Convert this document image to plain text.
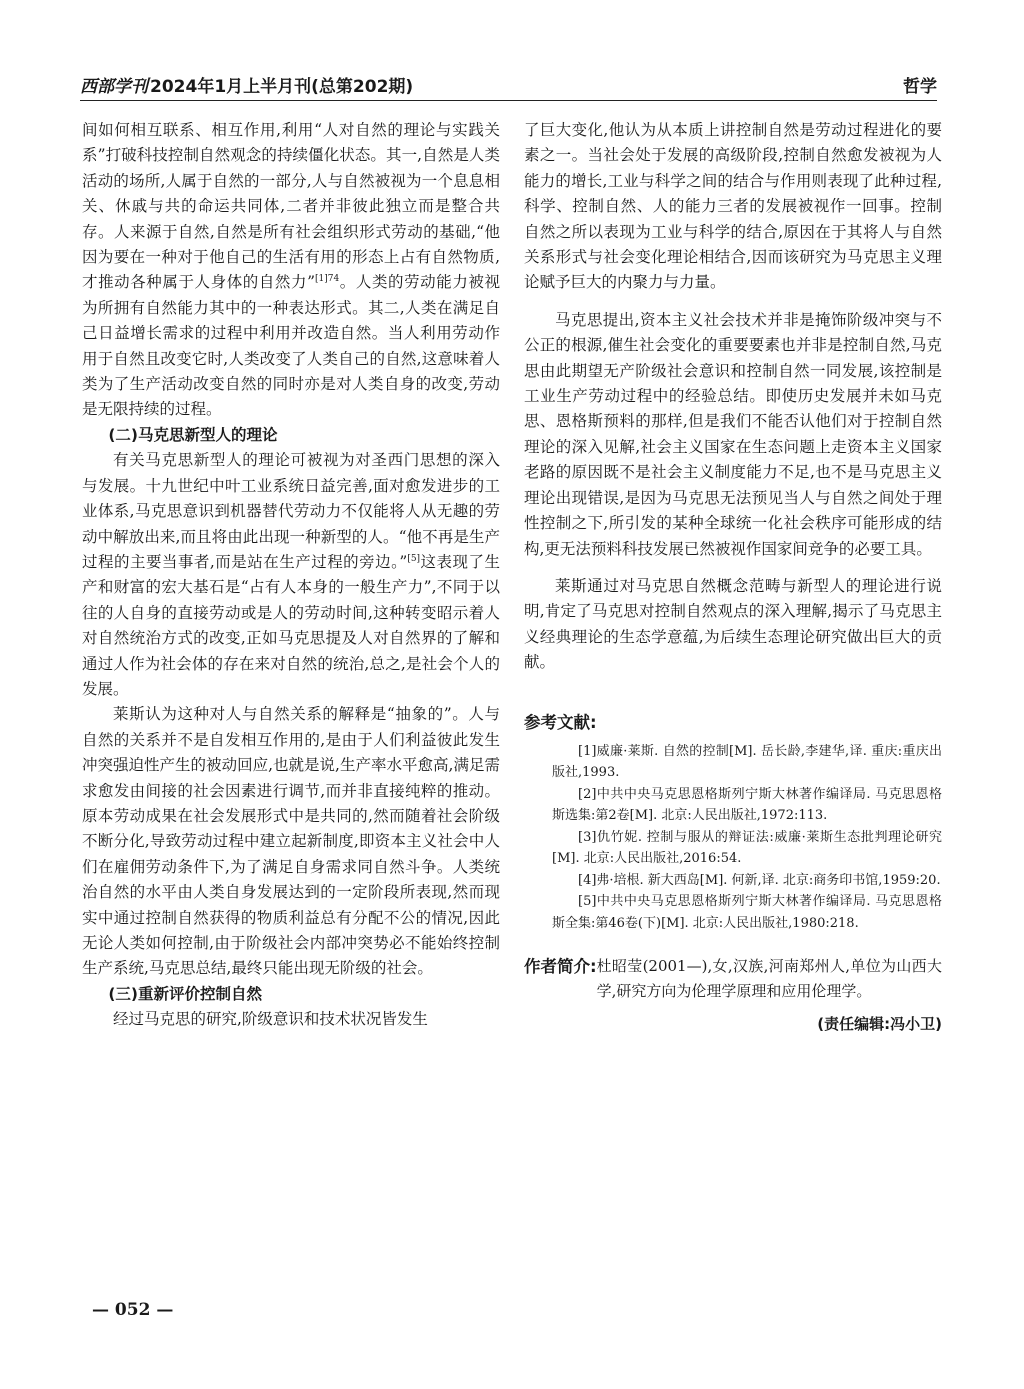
西部学刊 2024年1月上半月刊(总第202期)	哲学

间如何相互联系、相互作用,利用“人对自然的理论与实践关系”打破科技控制自然观念的持续僵化状态。其一,自然是人类活动的场所,人属于自然的一部分,人与自然被视为一个息息相关、休戚与共的命运共同体,二者并非彼此独立而是整合共存。人来源于自然,自然是所有社会组织形式劳动的基础,“他因为要在一种对于他自己的生活有用的形态上占有自然物质,才推动各种属于人身体的自然力”$^{[1]74}$。人类的劳动能力被视为所拥有自然能力其中的一种表达形式。其二,人类在满足自己日益增长需求的过程中利用并改造自然。当人利用劳动作用于自然且改变它时,人类改变了人类自己的自然,这意味着人类为了生产活动改变自然的同时亦是对人类自身的改变,劳动是无限持续的过程。

(二)马克思新型人的理论

有关马克思新型人的理论可被视为对圣西门思想的深入与发展。十九世纪中叶工业系统日益完善,面对愈发进步的工业体系,马克思意识到机器替代劳动力不仅能将人从无趣的劳动中解放出来,而且将由此出现一种新型的人。“他不再是生产过程的主要当事者,而是站在生产过程的旁边。”[5]这表现了生产和财富的宏大基石是“占有人本身的一般生产力”,不同于以往的人自身的直接劳动或是人的劳动时间,这种转变昭示着人对自然统治方式的改变,正如马克思提及人对自然界的了解和通过人作为社会体的存在来对自然的统治,总之,是社会个人的发展。

莱斯认为这种对人与自然关系的解释是“抽象的”。人与自然的关系并不是自发相互作用的,是由于人们利益彼此发生冲突强迫性产生的被动回应,也就是说,生产率水平愈高,满足需求愈发由间接的社会因素进行调节,而并非直接纯粹的推动。原本劳动成果在社会发展形式中是共同的,然而随着社会阶级不断分化,导致劳动过程中建立起新制度,即资本主义社会中人们在雇佣劳动条件下,为了满足自身需求同自然斗争。人类统治自然的水平由人类自身发展达到的一定阶段所表现,然而现实中通过控制自然获得的物质利益总有分配不公的情况,因此无论人类如何控制,由于阶级社会内部冲突势必不能始终控制生产系统,马克思总结,最终只能出现无阶级的社会。

(三)重新评价控制自然

经过马克思的研究,阶级意识和技术状况皆发生

了巨大变化,他认为从本质上讲控制自然是劳动过程进化的要素之一。当社会处于发展的高级阶段,控制自然愈发被视为人能力的增长,工业与科学之间的结合与作用则表现了此种过程,科学、控制自然、人的能力三者的发展被视作一回事。控制自然之所以表现为工业与科学的结合,原因在于其将人与自然关系形式与社会变化理论相结合,因而该研究为马克思主义理论赋予巨大的内聚力与力量。

马克思提出,资本主义社会技术并非是掩饰阶级冲突与不公正的根源,催生社会变化的重要要素也并非是控制自然,马克思由此期望无产阶级社会意识和控制自然一同发展,该控制是工业生产劳动过程中的经验总结。即使历史发展并未如马克思、恩格斯预料的那样,但是我们不能否认他们对于控制自然理论的深入见解,社会主义国家在生态问题上走资本主义国家老路的原因既不是社会主义制度能力不足,也不是马克思主义理论出现错误,是因为马克思无法预见当人与自然之间处于理性控制之下,所引发的某种全球统一化社会秩序可能形成的结构,更无法预料科技发展已然被视作国家间竞争的必要工具。

莱斯通过对马克思自然概念范畴与新型人的理论进行说明,肯定了马克思对控制自然观点的深入理解,揭示了马克思主义经典理论的生态学意蕴,为后续生态理论研究做出巨大的贡献。

参考文献:

[1]威廉·莱斯. 自然的控制[M]. 岳长龄,李建华,译. 重庆:重庆出版社,1993.

[2]中共中央马克思恩格斯列宁斯大林著作编译局. 马克思恩格斯选集:第2卷[M]. 北京:人民出版社,1972:113.

[3]仇竹妮. 控制与服从的辩证法:威廉·莱斯生态批判理论研究[M]. 北京:人民出版社,2016:54.

[4]弗·培根. 新大西岛[M]. 何新,译. 北京:商务印书馆,1959:20.

[5]中共中央马克思恩格斯列宁斯大林著作编译局. 马克思恩格斯全集:第46卷(下)[M]. 北京:人民出版社,1980:218.

作者简介: 杜昭莹(2001—),女,汉族,河南郑州人,单位为山西大学,研究方向为伦理学原理和应用伦理学。
(责任编辑:冯小卫)
— 052 —
